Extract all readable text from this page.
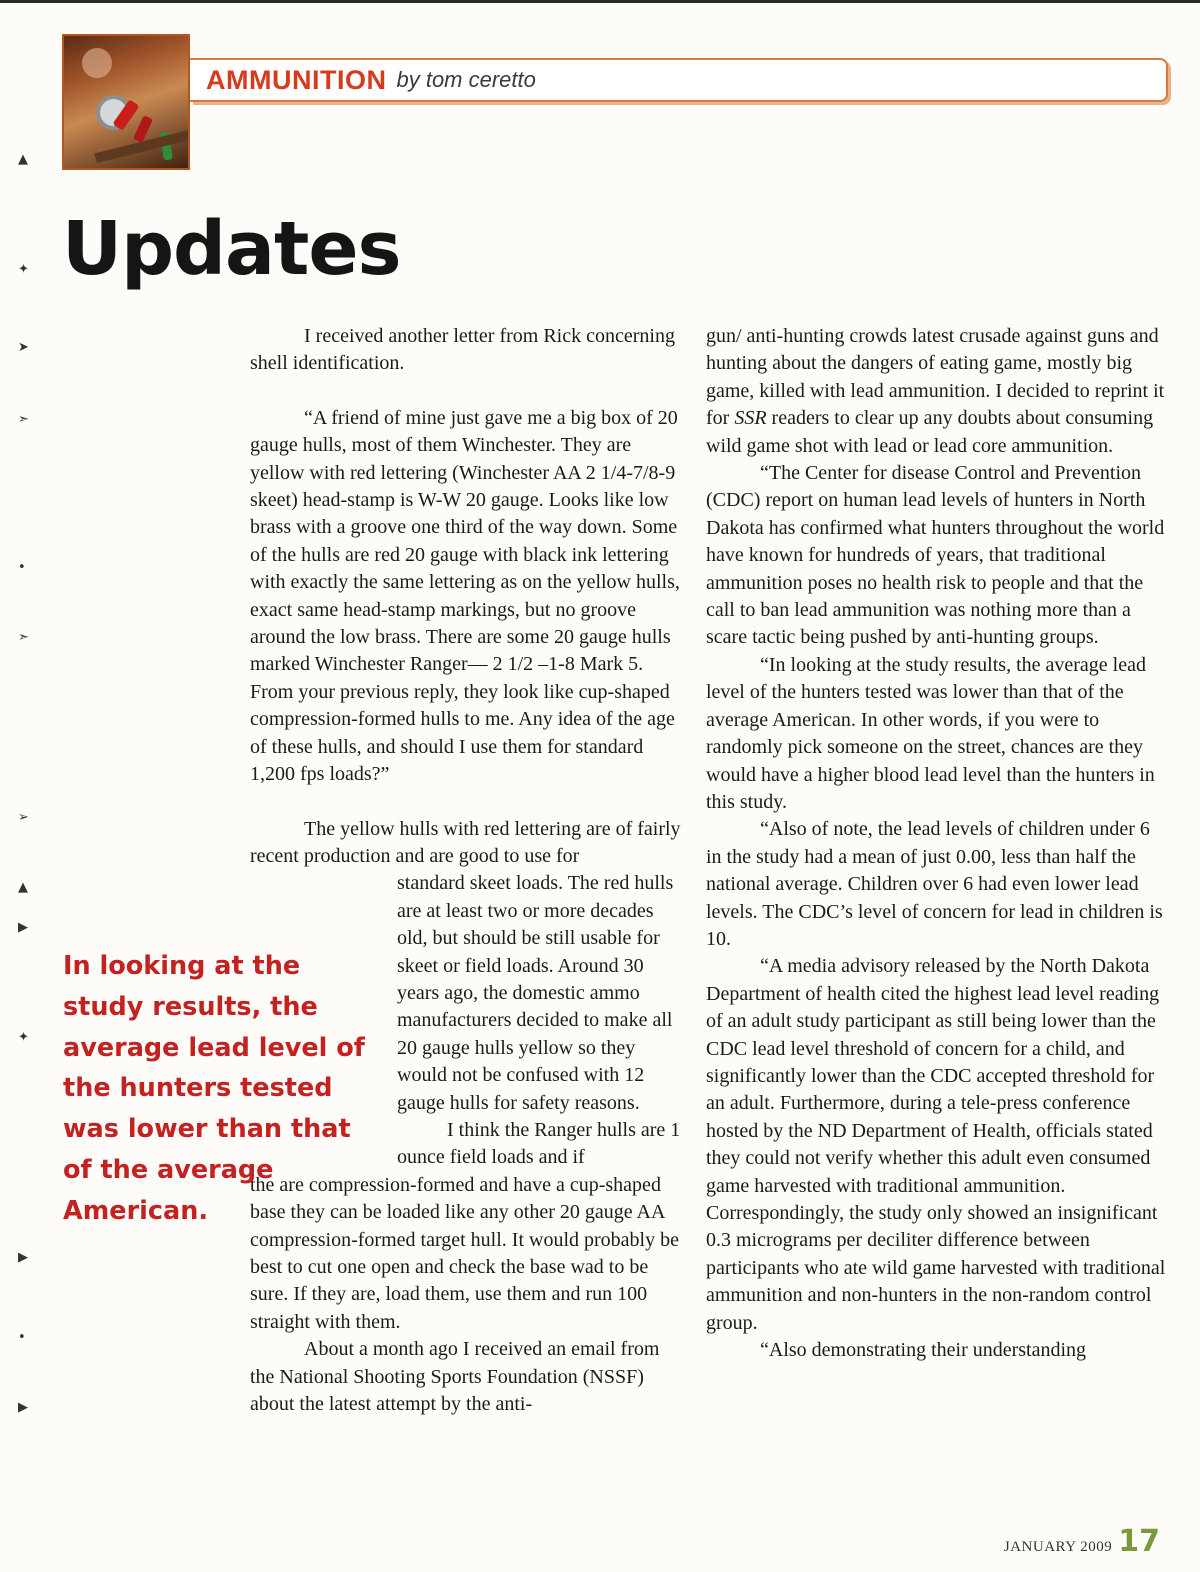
AMMUNITION by tom ceretto
Updates
▲
✦
➤
➣
•
➣
➢
▲
▶
✦
▶
•
▶

I received another letter from Rick concerning shell identification.

“A friend of mine just gave me a big box of 20 gauge hulls, most of them Winchester. They are yellow with red lettering (Winchester AA 2 1/4-7/8-9 skeet) head-stamp is W-W 20 gauge. Looks like low brass with a groove one third of the way down. Some of the hulls are red 20 gauge with black ink lettering with exactly the same lettering as on the yellow hulls, exact same head-stamp markings, but no groove around the low brass. There are some 20 gauge hulls marked Winchester Ranger— 2 1/2 –1-8 Mark 5. From your previous reply, they look like cup-shaped compression-formed hulls to me. Any idea of the age of these hulls, and should I use them for standard 1,200 fps loads?”

The yellow hulls with red lettering are of fairly recent production and are good to use for

standard skeet loads. The red hulls are at least two or more decades old, but should be still usable for skeet or field loads. Around 30 years ago, the domestic ammo manufacturers decided to make all 20 gauge hulls yellow so they would not be confused with 12 gauge hulls for safety reasons.

I think the Ranger hulls are 1 ounce field loads and if

the are compression-formed and have a cup-shaped base they can be loaded like any other 20 gauge AA compression-formed target hull. It would probably be best to cut one open and check the base wad to be sure. If they are, load them, use them and run 100 straight with them.

About a month ago I received an email from the National Shooting Sports Foundation (NSSF) about the latest attempt by the anti-

In looking at the study results, the average lead level of the hunters tested was lower than that of the average American.

gun/ anti-hunting crowds latest crusade against guns and hunting about the dangers of eating game, mostly big game, killed with lead ammunition. I decided to reprint it for SSR readers to clear up any doubts about consuming wild game shot with lead or lead core ammunition.

“The Center for disease Control and Prevention (CDC) report on human lead levels of hunters in North Dakota has confirmed what hunters throughout the world have known for hundreds of years, that traditional ammunition poses no health risk to people and that the call to ban lead ammunition was nothing more than a scare tactic being pushed by anti-hunting groups.

“In looking at the study results, the average lead level of the hunters tested was lower than that of the average American. In other words, if you were to randomly pick someone on the street, chances are they would have a higher blood lead level than the hunters in this study.

“Also of note, the lead levels of children under 6 in the study had a mean of just 0.00, less than half the national average. Children over 6 had even lower lead levels. The CDC’s level of concern for lead in children is 10.

“A media advisory released by the North Dakota Department of health cited the highest lead level reading of an adult study participant as still being lower than the CDC lead level threshold of concern for a child, and significantly lower than the CDC accepted threshold for an adult. Furthermore, during a tele-press conference hosted by the ND Department of Health, officials stated they could not verify whether this adult even consumed game harvested with traditional ammunition. Correspondingly, the study only showed an insignificant 0.3 micrograms per deciliter difference between participants who ate wild game harvested with traditional ammunition and non-hunters in the non-random control group.

“Also demonstrating their understanding

JANUARY 2009 17
